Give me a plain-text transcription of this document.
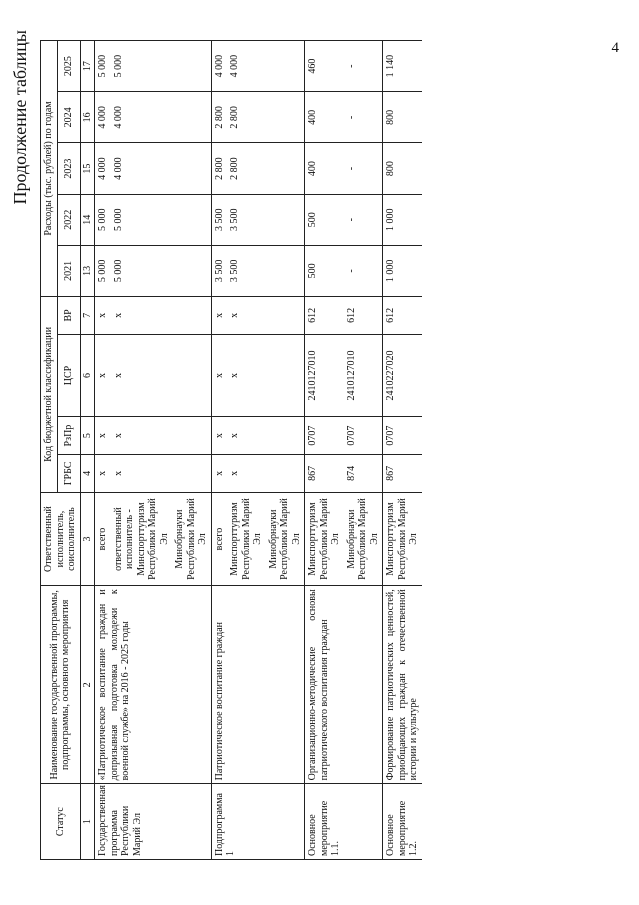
4
Продолжение таблицы
Статус	Наименование государственной программы, подпрограммы, основного мероприятия	Ответственный исполнитель, соисполнитель	Код бюджетной классификации				Расходы (тыс. рублей) по годам				
			ГРБС	РзПр	ЦСР	ВР	2021	2022	2023	2024	2025

1	2	3	4	5	6	7	13	14	15	16	17
Государственная программа Республики Марий Эл	«Патриотическое воспитание граждан и допризывная подготовка молодежи к военной службе» на 2016 - 2025 годы	всего	х	х	х	х	5 000	5 000	4 000	4 000	5 000
		ответственный исполнитель - Минспорттуризм Республики Марий Эл	х	х	х	х	5 000	5 000	4 000	4 000	5 000
		Минобрнауки Республики Марий Эл									
Подпрограмма 1	Патриотическое воспитание граждан	всего	х	х	х	х	3 500	3 500	2 800	2 800	4 000
		Минспорттуризм Республики Марий Эл	х	х	х	х	3 500	3 500	2 800	2 800	4 000
		Минобрнауки Республики Марий Эл									
Основное мероприятие 1.1.	Организационно-методические основы патриотического воспитания граждан	Минспорттуризм Республики Марий Эл	867	0707	2410127010	612	500	500	400	400	460
		Минобрнауки Республики Марий Эл	874	0707	2410127010	612	-	-	-	-	-
Основное мероприятие 1.2.	Формирование патриотических ценностей, приобщающих граждан к отечественной истории и культуре	Минспорттуризм Республики Марий Эл	867	0707	2410227020	612	1 000	1 000	800	800	1 140
